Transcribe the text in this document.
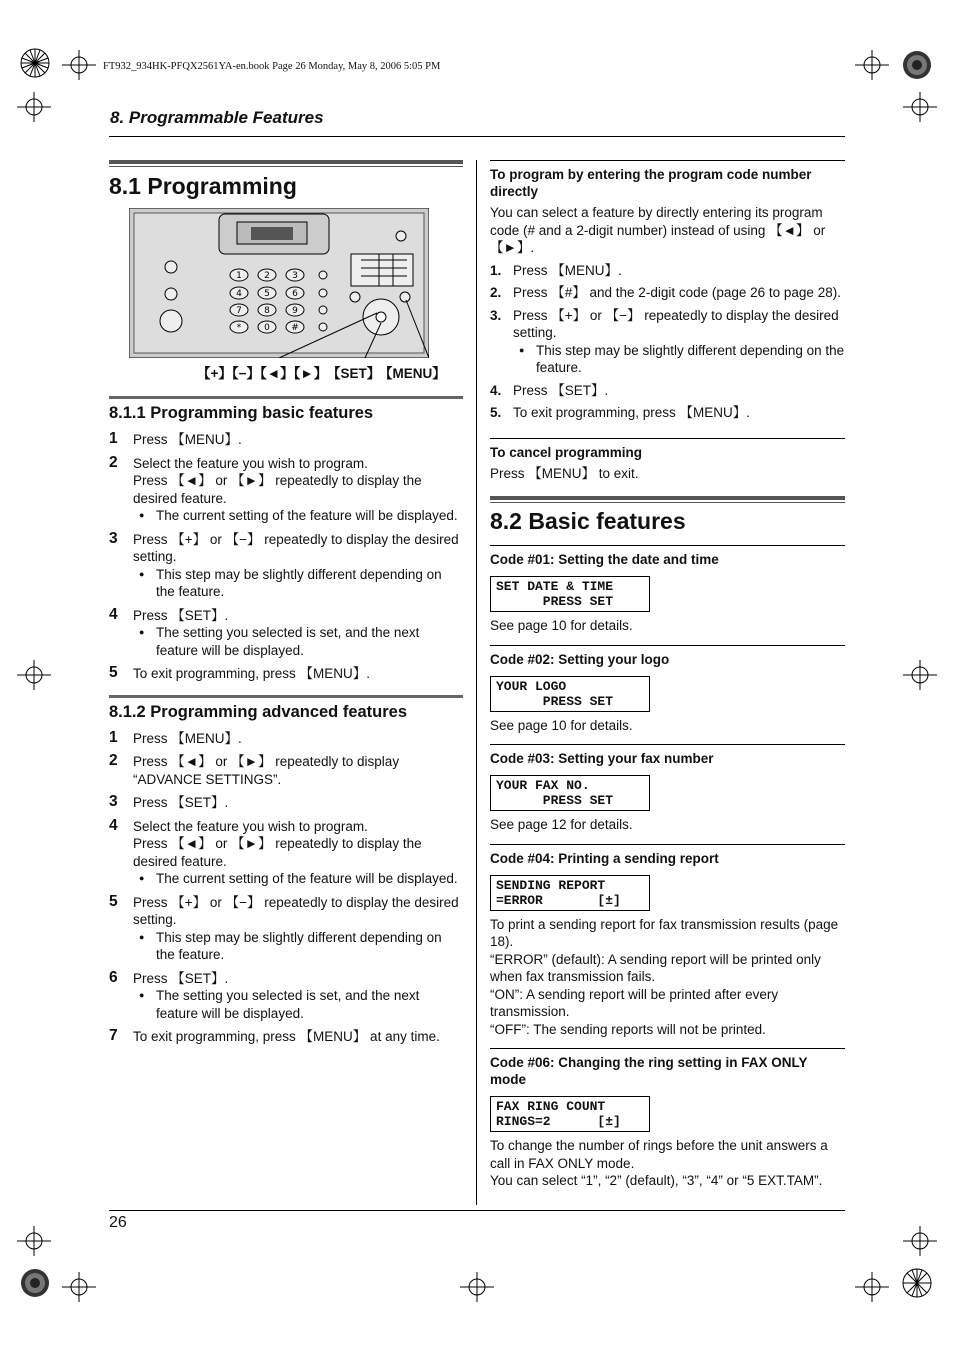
FT932_934HK-PFQX2561YA-en.book Page 26 Monday, May 8, 2006 5:05 PM
8. Programmable Features
8.1 Programming
1 2 3
4 5 6
7 8 9
*	0 #
【+】【−】【◄】【►】 【SET】
【MENU】
8.1.1 Programming basic features
1 Press 【MENU】.
2 Select the feature you wish to program.
Press 【◄】 or 【►】 repeatedly to display the desired feature.
● The current setting of the feature will be displayed.
3 Press 【+】 or 【−】 repeatedly to display the desired setting.
● This step may be slightly different depending on the feature.
4 Press 【SET】.
● The setting you selected is set, and the next feature will be displayed.
5 To exit programming, press 【MENU】.
8.1.2 Programming advanced features
1 Press 【MENU】.
2 Press 【◄】 or 【►】 repeatedly to display “ADVANCE SETTINGS”.
3 Press 【SET】.
4 Select the feature you wish to program.
Press 【◄】 or 【►】 repeatedly to display the desired feature.
● The current setting of the feature will be displayed.
5 Press 【+】 or 【−】 repeatedly to display the desired setting.
● This step may be slightly different depending on the feature.
6 Press 【SET】.
● The setting you selected is set, and the next feature will be displayed.
7 To exit programming, press 【MENU】 at any time.
To program by entering the program code number directly

You can select a feature by directly entering its program code (# and a 2-digit number) instead of using 【◄】 or 【►】.

1. Press 【MENU】.
2. Press 【#】 and the 2-digit code (page 26 to page 28).
3. Press 【+】 or 【−】 repeatedly to display the desired setting.
● This step may be slightly different depending on the feature.
4. Press 【SET】.
5. To exit programming, press 【MENU】.
To cancel programming

Press 【MENU】 to exit.

8.2 Basic features
Code #01: Setting the date and time
SET DATE & TIME
PRESS SET

See page 10 for details.

Code #02: Setting your logo
YOUR LOGO
PRESS SET

See page 10 for details.

Code #03: Setting your fax number
YOUR FAX NO.
PRESS SET

See page 12 for details.

Code #04: Printing a sending report
SENDING REPORT
=ERROR       [±]

To print a sending report for fax transmission results (page 18).

“ERROR” (default): A sending report will be printed only when fax transmission fails.

“ON”: A sending report will be printed after every transmission.

“OFF”: The sending reports will not be printed.

Code #06: Changing the ring setting in FAX ONLY mode
FAX RING COUNT
RINGS=2      [±]

To change the number of rings before the unit answers a call in FAX ONLY mode.

You can select “1”, “2” (default), “3”, “4” or “5 EXT.TAM”.

26
